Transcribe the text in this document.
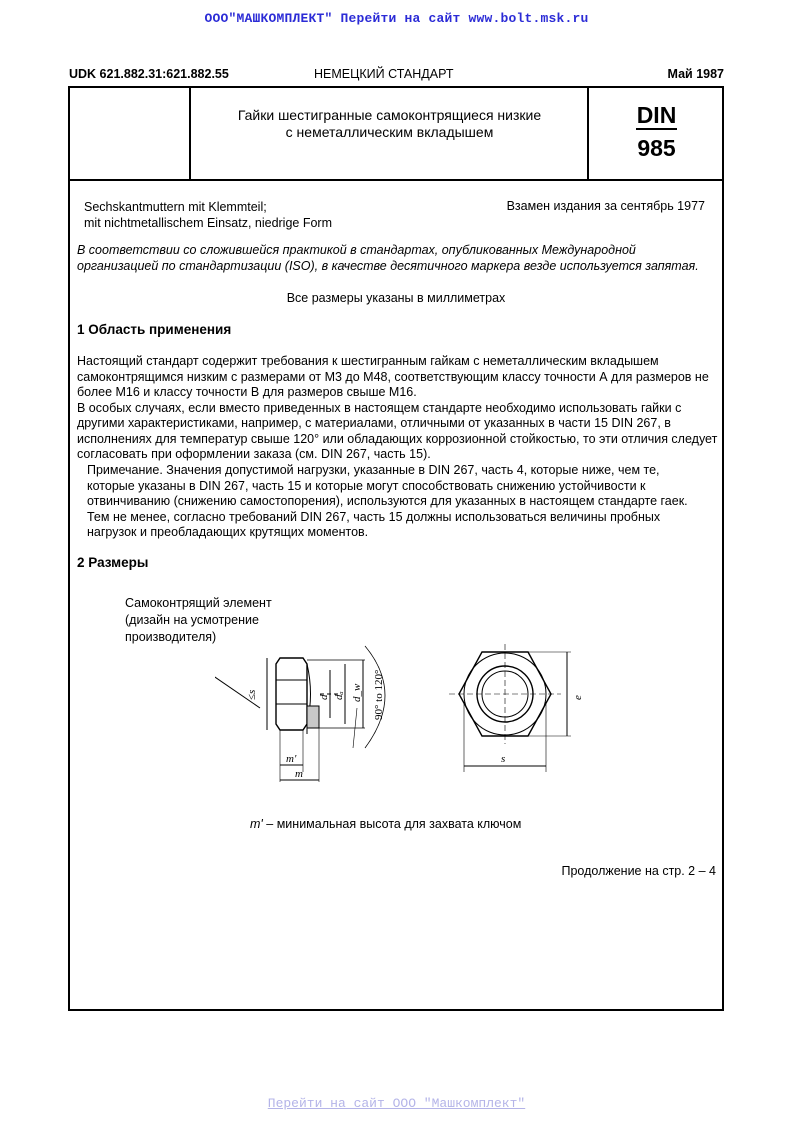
ООО"МАШКОМПЛЕКТ" Перейти на сайт www.bolt.msk.ru
UDK 621.882.31:621.882.55	НЕМЕЦКИЙ СТАНДАРТ	Май 1987
Гайки шестигранные самоконтрящиеся низкие
с неметаллическим вкладышем
DIN
985
Sechskantmuttern mit Klemmteil;
mit nichtmetallischem Einsatz, niedrige Form
Взамен издания за сентябрь 1977
В соответствии со сложившейся практикой в стандартах, опубликованных Международной организацией по стандартизации (ISO), в качестве десятичного маркера везде используется запятая.
Все размеры указаны в миллиметрах
1 Область применения

Настоящий стандарт содержит требования к шестигранным гайкам с неметаллическим вкладышем самоконтрящимся низким с размерами от М3 до М48, соответствующим классу точности А для размеров не более М16 и классу точности В для размеров свыше М16.

В особых случаях, если вместо приведенных в настоящем стандарте необходимо использовать гайки с другими характеристиками, например, с материалами, отличными от указанных в части 15 DIN 267, в исполнениях для температур свыше 120° или обладающих коррозионной стойкостью, то эти отличия следует согласовать при оформлении заказа (см. DIN 267, часть 15).

Примечание. Значения допустимой нагрузки, указанные в DIN 267, часть 4, которые ниже, чем те, которые указаны в DIN 267, часть 15 и которые могут способствовать снижению устойчивости к отвинчиванию (снижению самостопорения), используются для указанных в настоящем стандарте гаек. Тем не менее, согласно требований DIN 267, часть 15 должны использоваться величины пробных нагрузок и преобладающих крутящих моментов.
2 Размеры
Самоконтрящий элемент
(дизайн на усмотрение
производителя)
≤s	d dₐ d_w 90° to 120°
m'
m
e
s
m' – минимальная высота для захвата ключом
Продолжение на стр. 2 – 4
Перейти на сайт ООО "Машкомплект"
